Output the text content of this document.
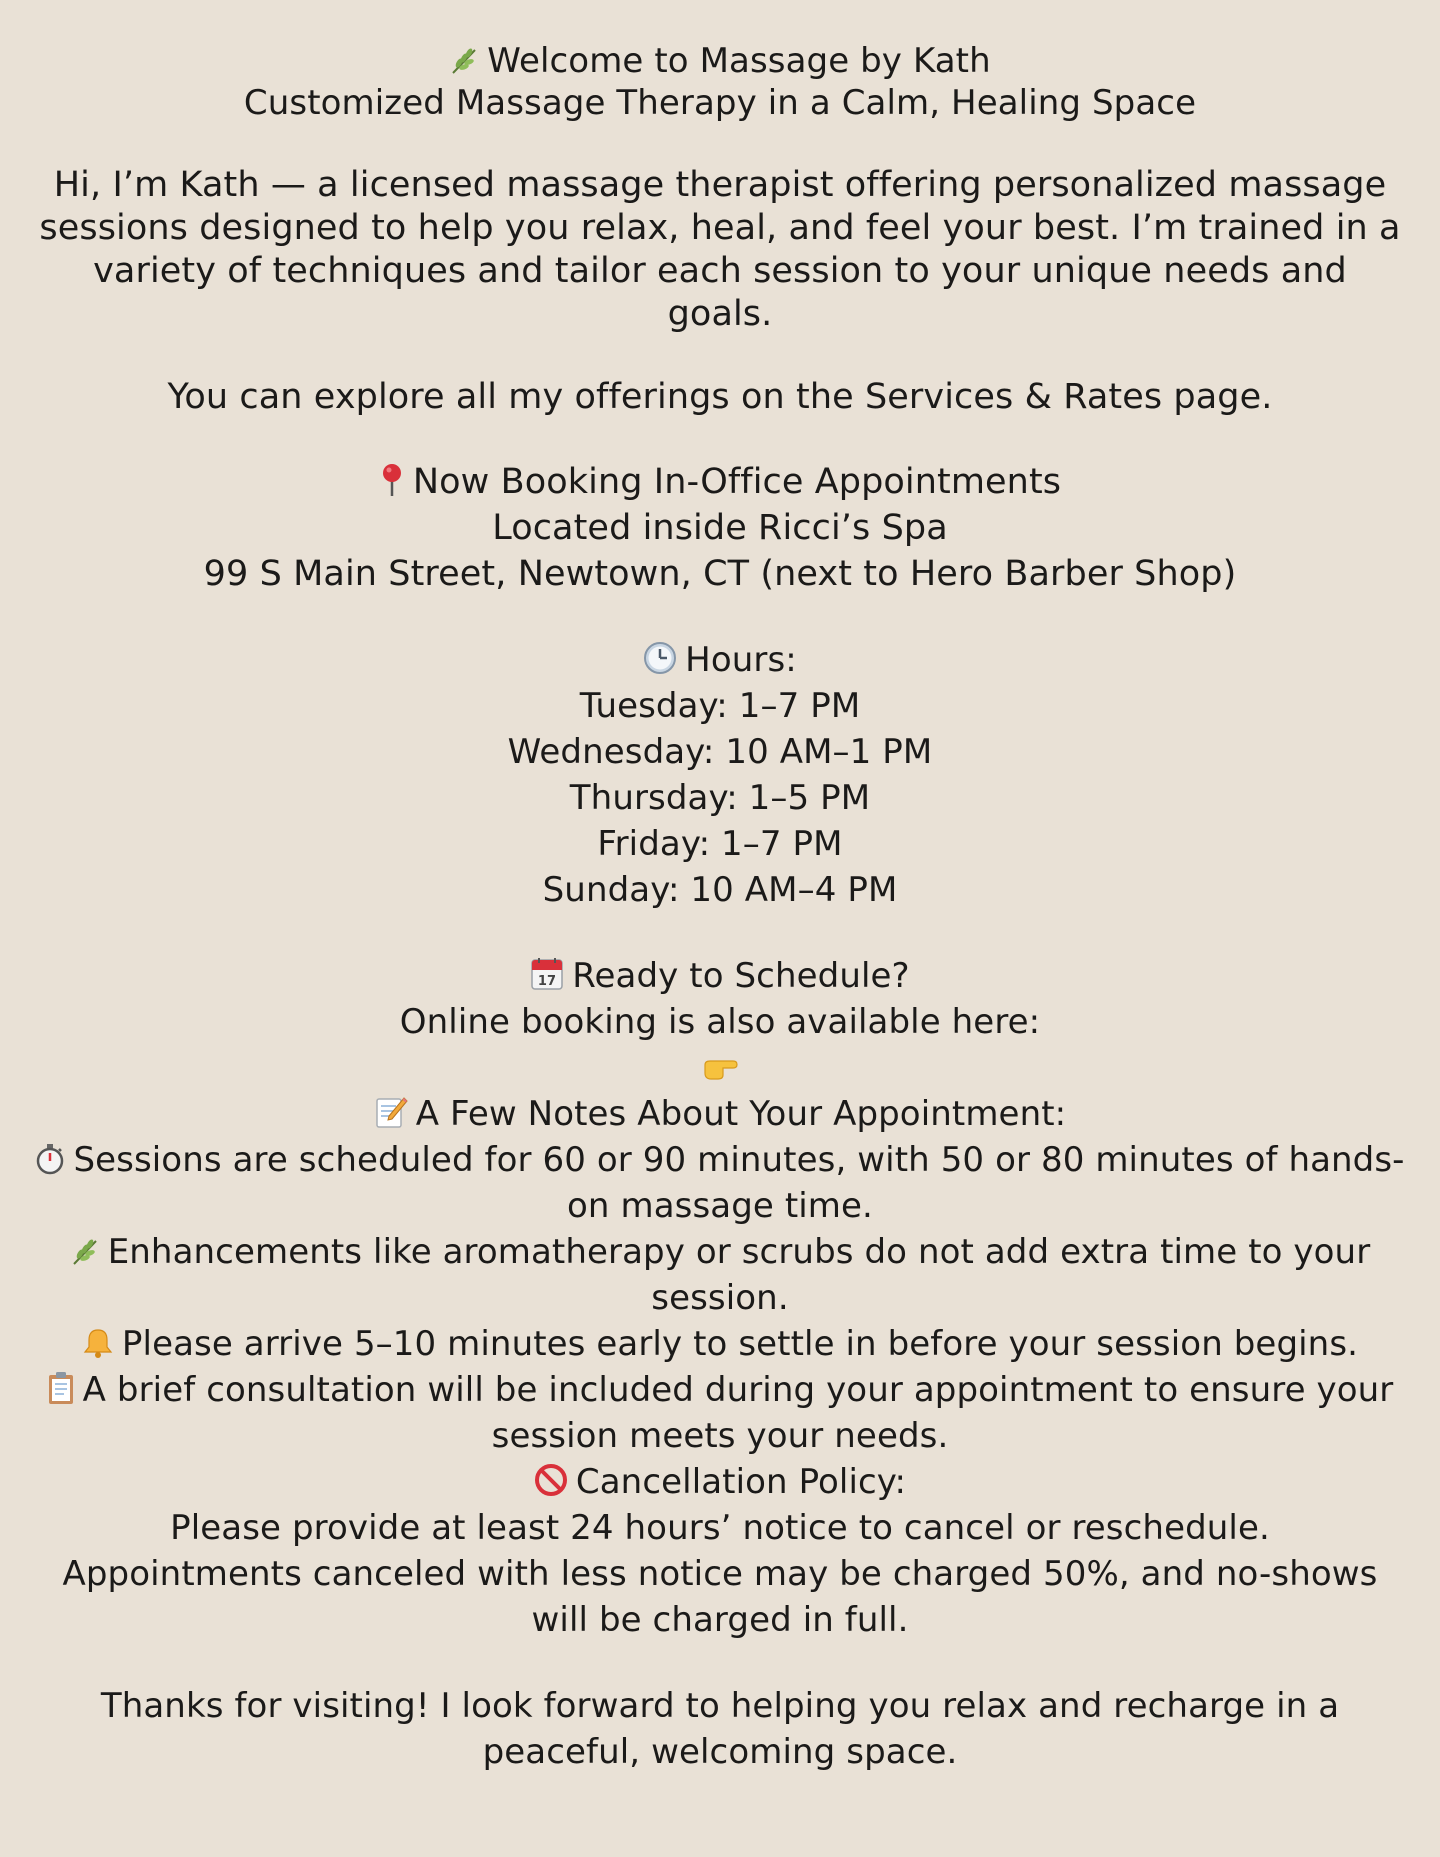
Welcome to Massage by Kath

Customized Massage Therapy in a Calm, Healing Space

Hi, I’m Kath — a licensed massage therapist offering personalized massage sessions designed to help you relax, heal, and feel your best. I’m trained in a variety of techniques and tailor each session to your unique needs and goals.

You can explore all my offerings on the Services & Rates page.

Now Booking In-Office Appointments

Located inside Ricci’s Spa

99 S Main Street, Newtown, CT (next to Hero Barber Shop)

Hours:

Tuesday: 1–7 PM

Wednesday: 10 AM–1 PM

Thursday: 1–5 PM

Friday: 1–7 PM

Sunday: 10 AM–4 PM

17 Ready to Schedule?

Online booking is also available here:

A Few Notes About Your Appointment:

Sessions are scheduled for 60 or 90 minutes, with 50 or 80 minutes of hands-on massage time.

Enhancements like aromatherapy or scrubs do not add extra time to your session.

Please arrive 5–10 minutes early to settle in before your session begins.

A brief consultation will be included during your appointment to ensure your session meets your needs.

Cancellation Policy:

Please provide at least 24 hours’ notice to cancel or reschedule.

Appointments canceled with less notice may be charged 50%, and no-shows will be charged in full.

Thanks for visiting! I look forward to helping you relax and recharge in a peaceful, welcoming space.
